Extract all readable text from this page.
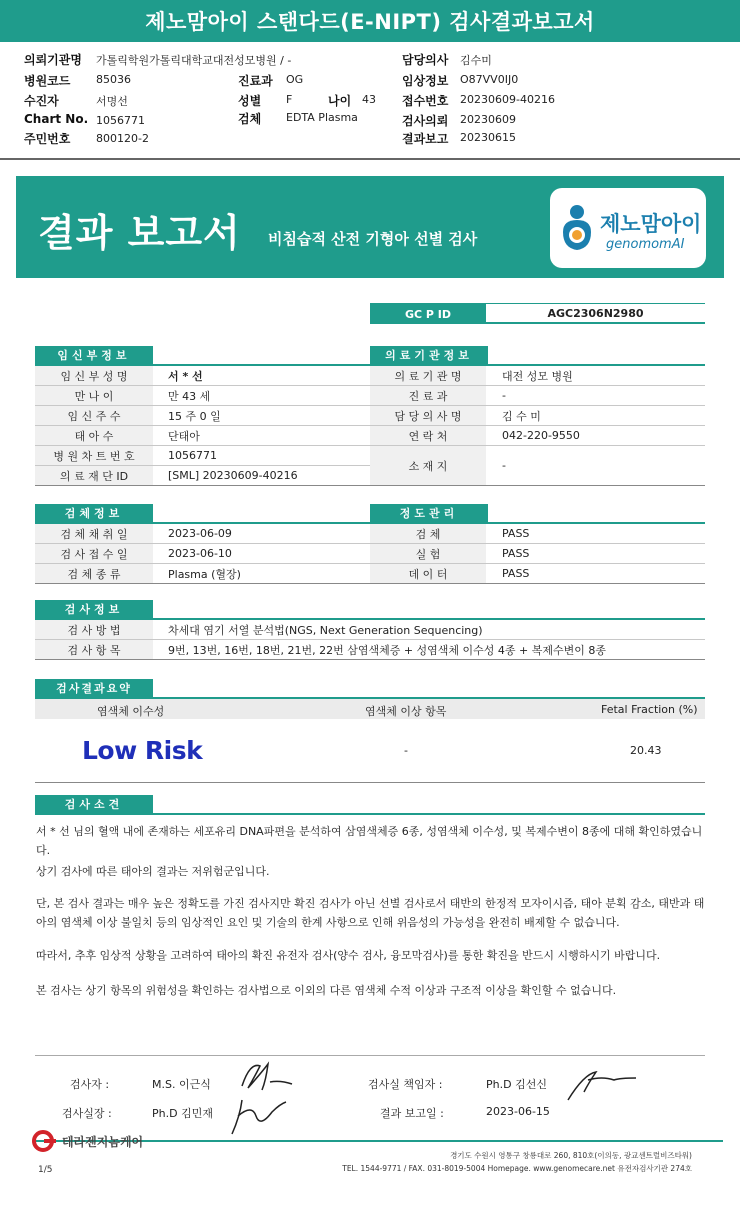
제노맘아이 스탠다드(E-NIPT) 검사결과보고서
의뢰기관명 가톨릭학원가톨릭대학교대전성모병원 / -
병원코드 85036
수진자	서명선
Chart No. 1056771
주민번호 800120-2
진료과 OG
성별 F	나이 43
검체 EDTA Plasma
담당의사 김수미
임상정보 O87VV0IJ0
접수번호 20230609-40216
검사의뢰 20230609
결과보고 20230615
결과 보고서 비침습적 산전 기형아 선별 검사
제노맘아이
genomomAI
GC P ID	AGC2306N2980
임신부정보
임 신 부 성 명	서 * 선
만 나 이	만 43 세
임 신 주 수	15 주 0 일
태 아 수	단태아
병 원 차 트 번 호	1056771
의 료 재 단 ID	[SML] 20230609-40216
의료기관정보
의 료 기 관 명	대전 성모 병원
진 료 과	-
담 당 의 사 명	김 수 미
연 락 처	042-220-9550
소 재 지	-
검체정보
검 체 채 취 일	2023-06-09
검 사 접 수 일	2023-06-10
검 체 종 류	Plasma (혈장)
정도관리
검 체	PASS
실 험	PASS
데 이 터	PASS
검사정보
검 사 방 법	차세대 염기 서열 분석법(NGS, Next Generation Sequencing)
검 사 항 목	9번, 13번, 16번, 18번, 21번, 22번 삼염색체증 + 성염색체 이수성 4종 + 복제수변이 8종
검사결과요약
염색체 이수성	염색체 이상 항목	Fetal Fraction (%)
Low Risk	-	20.43
검사소견
서 * 선 님의 혈액 내에 존재하는 세포유리 DNA파편을 분석하여 삼염색체증 6종, 성염색체 이수성, 및 복제수변이 8종에 대해 확인하였습니다.
상기 검사에 따른 태아의 결과는 저위험군입니다.
단, 본 검사 결과는 매우 높은 정확도를 가진 검사지만 확진 검사가 아닌 선별 검사로서 태반의 한정적 모자이시즘, 태아 분획 감소, 태반과 태아의 염색체 이상 불일치 등의 임상적인 요인 및 기술의 한계 사항으로 인해 위음성의 가능성을 완전히 배제할 수 없습니다.
따라서, 추후 임상적 상황을 고려하여 태아의 확진 유전자 검사(양수 검사, 융모막검사)를 통한 확진을 반드시 시행하시기 바랍니다.
본 검사는 상기 항목의 위험성을 확인하는 검사법으로 이외의 다른 염색체 수적 이상과 구조적 이상을 확인할 수 없습니다.
검사자 :	M.S. 이근식	검사실 책임자 :	Ph.D 김선신
검사실장 :	Ph.D 김민재	결과 보고일 :	2023-06-15
테라젠지놈케어
경기도 수원시 영통구 창룡대로 260, 810호(이의동, 광교센트럴비즈타워)
TEL. 1544-9771 / FAX. 031-8019-5004 Homepage. www.genomecare.net 유전자검사기관 274호
1/5
